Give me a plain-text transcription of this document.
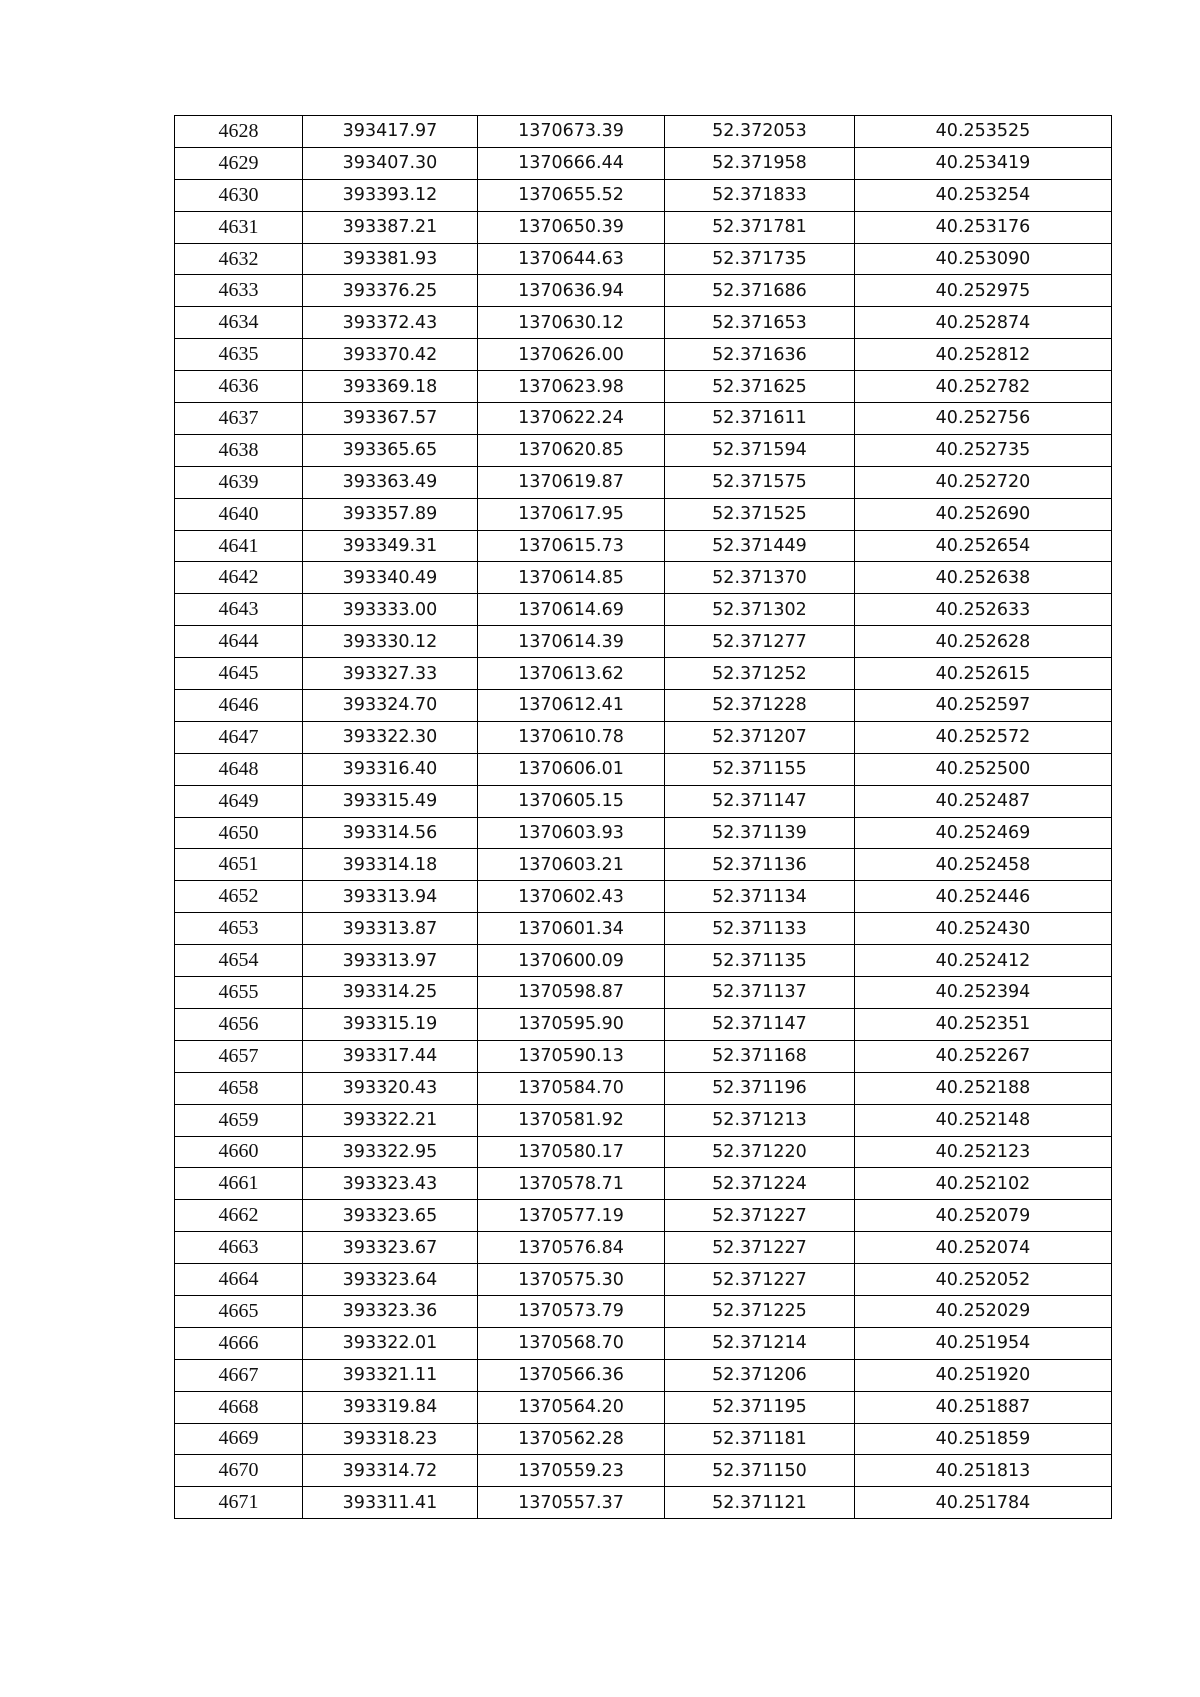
4628	393417.97	1370673.39	52.372053	40.253525
4629	393407.30	1370666.44	52.371958	40.253419
4630	393393.12	1370655.52	52.371833	40.253254
4631	393387.21	1370650.39	52.371781	40.253176
4632	393381.93	1370644.63	52.371735	40.253090
4633	393376.25	1370636.94	52.371686	40.252975
4634	393372.43	1370630.12	52.371653	40.252874
4635	393370.42	1370626.00	52.371636	40.252812
4636	393369.18	1370623.98	52.371625	40.252782
4637	393367.57	1370622.24	52.371611	40.252756
4638	393365.65	1370620.85	52.371594	40.252735
4639	393363.49	1370619.87	52.371575	40.252720
4640	393357.89	1370617.95	52.371525	40.252690
4641	393349.31	1370615.73	52.371449	40.252654
4642	393340.49	1370614.85	52.371370	40.252638
4643	393333.00	1370614.69	52.371302	40.252633
4644	393330.12	1370614.39	52.371277	40.252628
4645	393327.33	1370613.62	52.371252	40.252615
4646	393324.70	1370612.41	52.371228	40.252597
4647	393322.30	1370610.78	52.371207	40.252572
4648	393316.40	1370606.01	52.371155	40.252500
4649	393315.49	1370605.15	52.371147	40.252487
4650	393314.56	1370603.93	52.371139	40.252469
4651	393314.18	1370603.21	52.371136	40.252458
4652	393313.94	1370602.43	52.371134	40.252446
4653	393313.87	1370601.34	52.371133	40.252430
4654	393313.97	1370600.09	52.371135	40.252412
4655	393314.25	1370598.87	52.371137	40.252394
4656	393315.19	1370595.90	52.371147	40.252351
4657	393317.44	1370590.13	52.371168	40.252267
4658	393320.43	1370584.70	52.371196	40.252188
4659	393322.21	1370581.92	52.371213	40.252148
4660	393322.95	1370580.17	52.371220	40.252123
4661	393323.43	1370578.71	52.371224	40.252102
4662	393323.65	1370577.19	52.371227	40.252079
4663	393323.67	1370576.84	52.371227	40.252074
4664	393323.64	1370575.30	52.371227	40.252052
4665	393323.36	1370573.79	52.371225	40.252029
4666	393322.01	1370568.70	52.371214	40.251954
4667	393321.11	1370566.36	52.371206	40.251920
4668	393319.84	1370564.20	52.371195	40.251887
4669	393318.23	1370562.28	52.371181	40.251859
4670	393314.72	1370559.23	52.371150	40.251813
4671	393311.41	1370557.37	52.371121	40.251784
